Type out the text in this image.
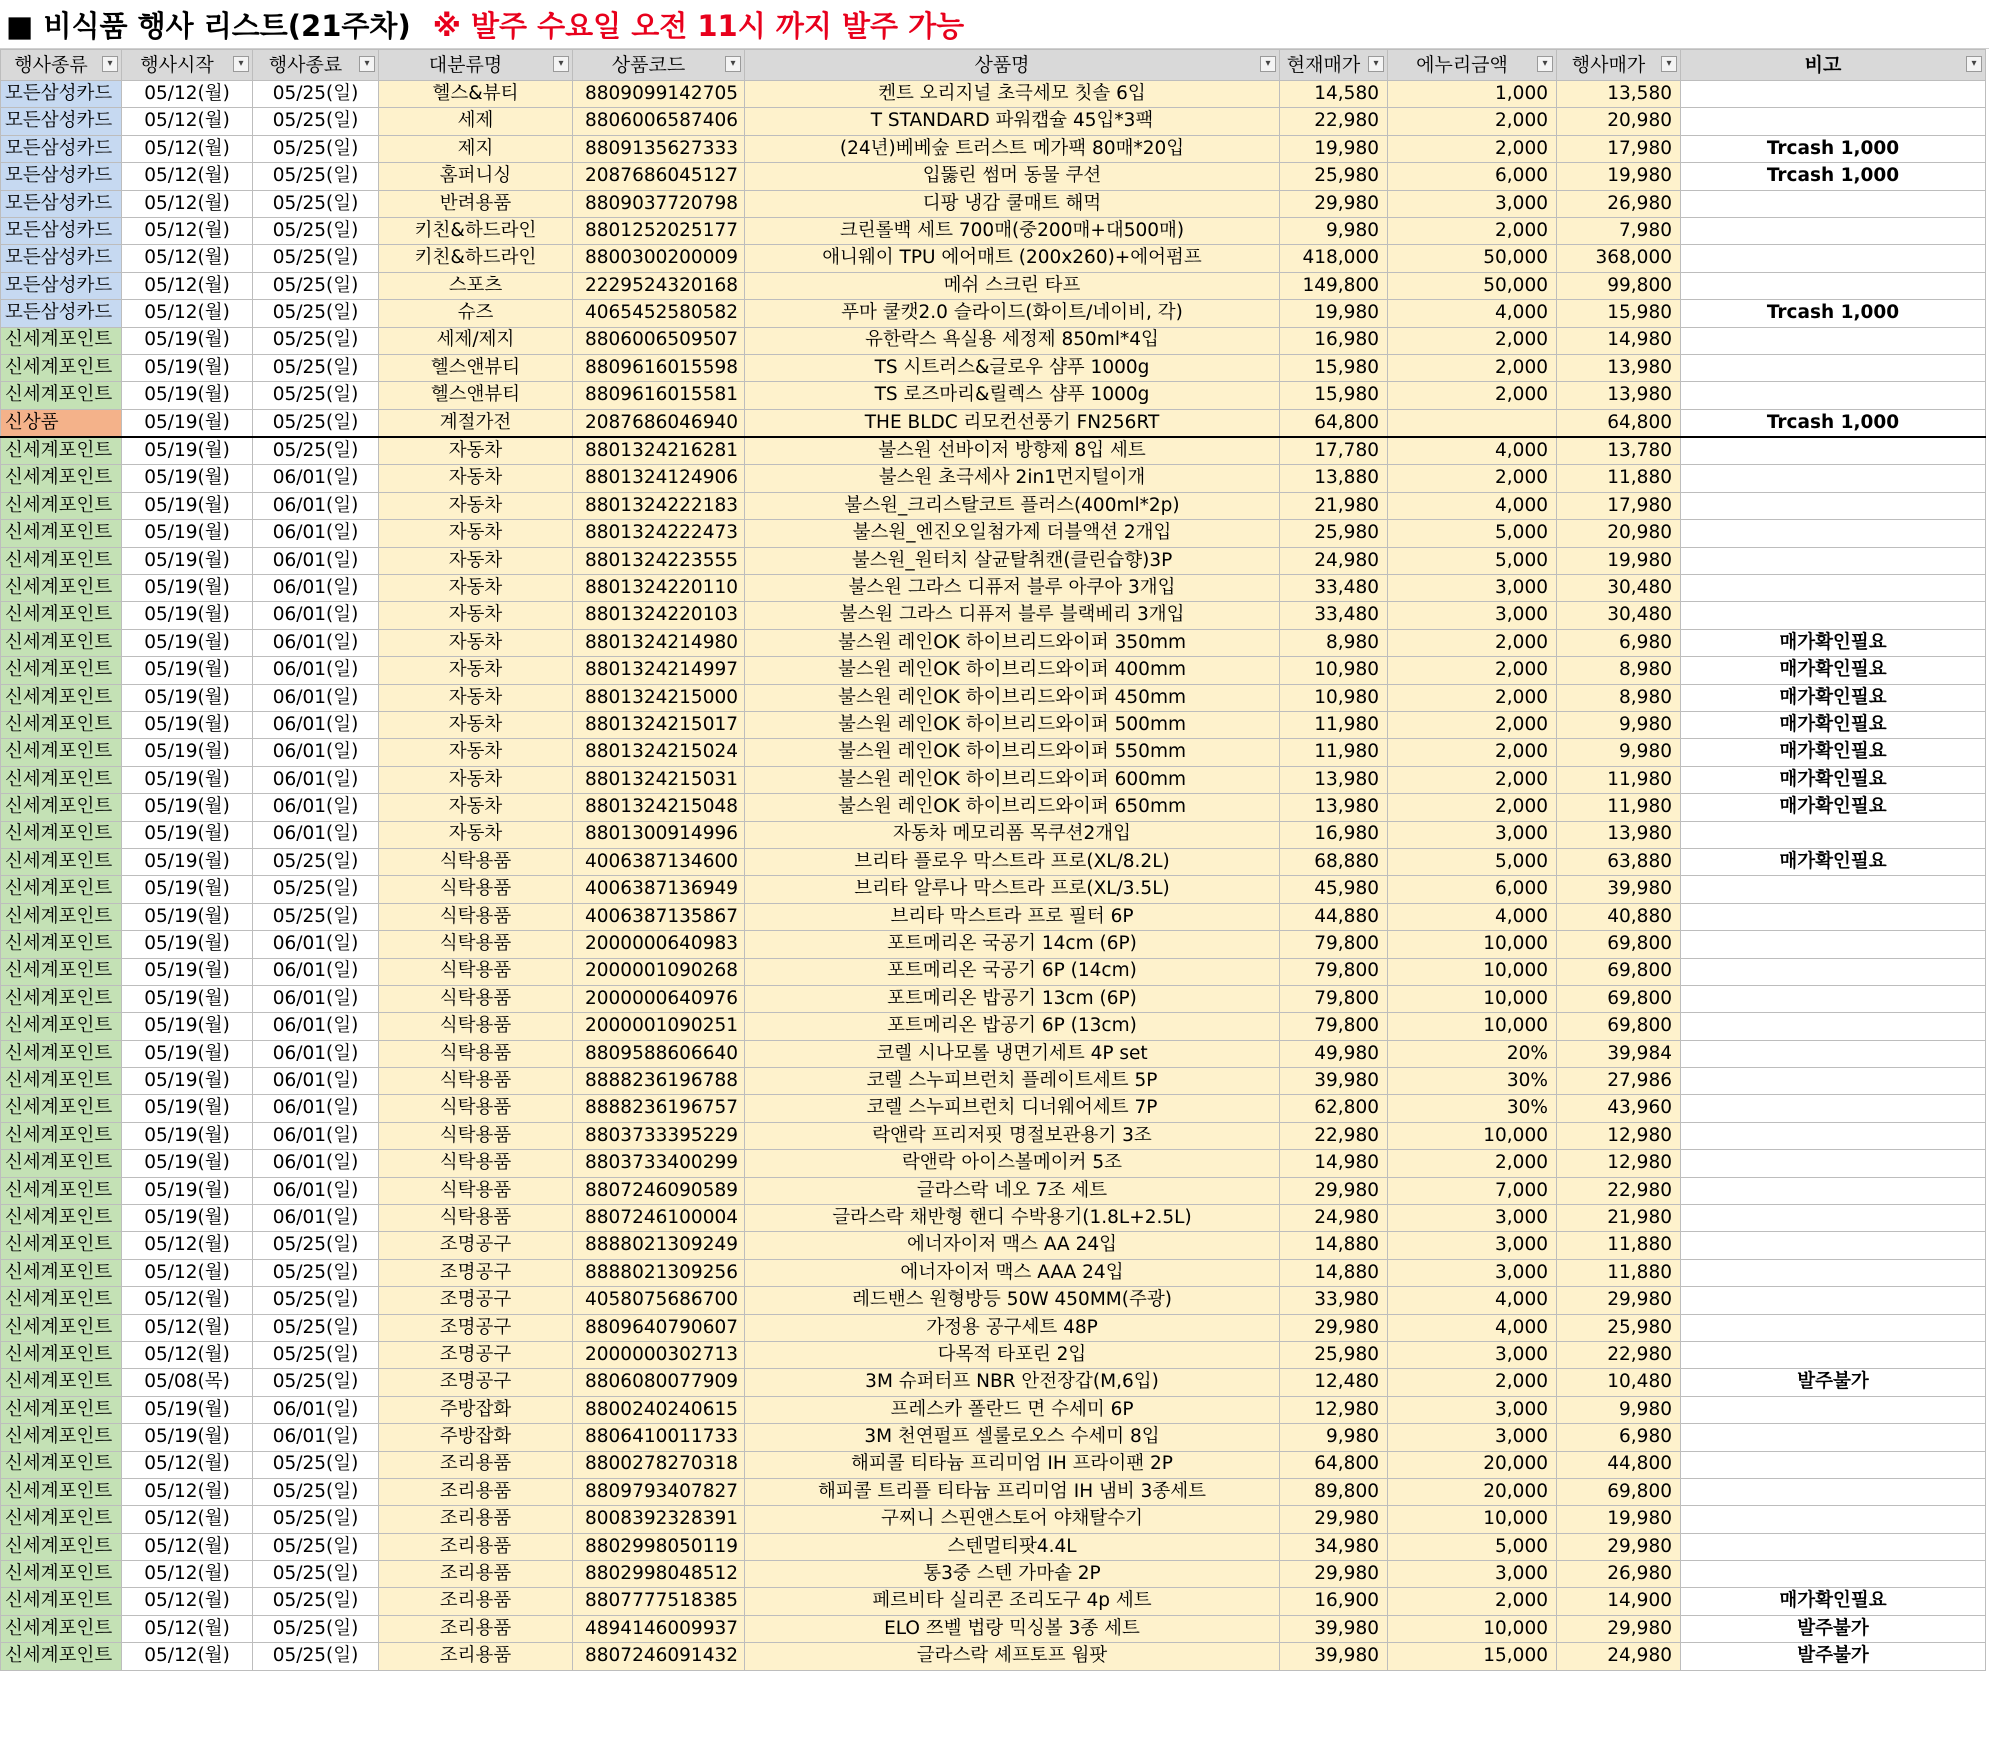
■ 비식품 행사 리스트(21주차) ※ 발주 수요일 오전 11시 까지 발주 가능
행사종류 ▾	행사시작 ▾	행사종료 ▾	대분류명 ▾	상품코드 ▾	상품명 ▾	현재매가 ▾	에누리금액 ▾	행사매가 ▾	비고 ▾

모든삼성카드	05/12(월)	05/25(일)	헬스&뷰티	8809099142705	켄트 오리지널 초극세모 칫솔 6입	14,580	1,000	13,580	
모든삼성카드	05/12(월)	05/25(일)	세제	8806006587406	T STANDARD 파워캡슐 45입*3팩	22,980	2,000	20,980	
모든삼성카드	05/12(월)	05/25(일)	제지	8809135627333	(24년)베베숲 트러스트 메가팩 80매*20입	19,980	2,000	17,980	Trcash 1,000
모든삼성카드	05/12(월)	05/25(일)	홈퍼니싱	2087686045127	입뚫린 썸머 동물 쿠션	25,980	6,000	19,980	Trcash 1,000
모든삼성카드	05/12(월)	05/25(일)	반려용품	8809037720798	디팡 냉감 쿨매트 해먹	29,980	3,000	26,980	
모든삼성카드	05/12(월)	05/25(일)	키친&하드라인	8801252025177	크린롤백 세트 700매(중200매+대500매)	9,980	2,000	7,980	
모든삼성카드	05/12(월)	05/25(일)	키친&하드라인	8800300200009	애니웨이 TPU 에어매트 (200x260)+에어펌프	418,000	50,000	368,000	
모든삼성카드	05/12(월)	05/25(일)	스포츠	2229524320168	메쉬 스크린 타프	149,800	50,000	99,800	
모든삼성카드	05/12(월)	05/25(일)	슈즈	4065452580582	푸마 쿨캣2.0 슬라이드(화이트/네이비, 각)	19,980	4,000	15,980	Trcash 1,000
신세계포인트	05/19(월)	05/25(일)	세제/제지	8806006509507	유한락스 욕실용 세정제 850ml*4입	16,980	2,000	14,980	
신세계포인트	05/19(월)	05/25(일)	헬스앤뷰티	8809616015598	TS 시트러스&글로우 샴푸 1000g	15,980	2,000	13,980	
신세계포인트	05/19(월)	05/25(일)	헬스앤뷰티	8809616015581	TS 로즈마리&릴렉스 샴푸 1000g	15,980	2,000	13,980	
신상품	05/19(월)	05/25(일)	계절가전	2087686046940	THE BLDC 리모컨선풍기 FN256RT	64,800		64,800	Trcash 1,000
신세계포인트	05/19(월)	05/25(일)	자동차	8801324216281	불스원 선바이저 방향제 8입 세트	17,780	4,000	13,780	
신세계포인트	05/19(월)	06/01(일)	자동차	8801324124906	불스원 초극세사 2in1먼지털이개	13,880	2,000	11,880	
신세계포인트	05/19(월)	06/01(일)	자동차	8801324222183	불스원_크리스탈코트 플러스(400ml*2p)	21,980	4,000	17,980	
신세계포인트	05/19(월)	06/01(일)	자동차	8801324222473	불스원_엔진오일첨가제 더블액션 2개입	25,980	5,000	20,980	
신세계포인트	05/19(월)	06/01(일)	자동차	8801324223555	불스원_원터치 살균탈취캔(클린습향)3P	24,980	5,000	19,980	
신세계포인트	05/19(월)	06/01(일)	자동차	8801324220110	불스원 그라스 디퓨저 블루 아쿠아 3개입	33,480	3,000	30,480	
신세계포인트	05/19(월)	06/01(일)	자동차	8801324220103	불스원 그라스 디퓨저 블루 블랙베리 3개입	33,480	3,000	30,480	
신세계포인트	05/19(월)	06/01(일)	자동차	8801324214980	불스원 레인OK 하이브리드와이퍼 350mm	8,980	2,000	6,980	매가확인필요
신세계포인트	05/19(월)	06/01(일)	자동차	8801324214997	불스원 레인OK 하이브리드와이퍼 400mm	10,980	2,000	8,980	매가확인필요
신세계포인트	05/19(월)	06/01(일)	자동차	8801324215000	불스원 레인OK 하이브리드와이퍼 450mm	10,980	2,000	8,980	매가확인필요
신세계포인트	05/19(월)	06/01(일)	자동차	8801324215017	불스원 레인OK 하이브리드와이퍼 500mm	11,980	2,000	9,980	매가확인필요
신세계포인트	05/19(월)	06/01(일)	자동차	8801324215024	불스원 레인OK 하이브리드와이퍼 550mm	11,980	2,000	9,980	매가확인필요
신세계포인트	05/19(월)	06/01(일)	자동차	8801324215031	불스원 레인OK 하이브리드와이퍼 600mm	13,980	2,000	11,980	매가확인필요
신세계포인트	05/19(월)	06/01(일)	자동차	8801324215048	불스원 레인OK 하이브리드와이퍼 650mm	13,980	2,000	11,980	매가확인필요
신세계포인트	05/19(월)	06/01(일)	자동차	8801300914996	자동차 메모리폼 목쿠션2개입	16,980	3,000	13,980	
신세계포인트	05/19(월)	05/25(일)	식탁용품	4006387134600	브리타 플로우 막스트라 프로(XL/8.2L)	68,880	5,000	63,880	매가확인필요
신세계포인트	05/19(월)	05/25(일)	식탁용품	4006387136949	브리타 알루나 막스트라 프로(XL/3.5L)	45,980	6,000	39,980	
신세계포인트	05/19(월)	05/25(일)	식탁용품	4006387135867	브리타 막스트라 프로 필터 6P	44,880	4,000	40,880	
신세계포인트	05/19(월)	06/01(일)	식탁용품	2000000640983	포트메리온 국공기 14cm (6P)	79,800	10,000	69,800	
신세계포인트	05/19(월)	06/01(일)	식탁용품	2000001090268	포트메리온 국공기 6P (14cm)	79,800	10,000	69,800	
신세계포인트	05/19(월)	06/01(일)	식탁용품	2000000640976	포트메리온 밥공기 13cm (6P)	79,800	10,000	69,800	
신세계포인트	05/19(월)	06/01(일)	식탁용품	2000001090251	포트메리온 밥공기 6P (13cm)	79,800	10,000	69,800	
신세계포인트	05/19(월)	06/01(일)	식탁용품	8809588606640	코렐 시나모롤 냉면기세트 4P set	49,980	20%	39,984	
신세계포인트	05/19(월)	06/01(일)	식탁용품	8888236196788	코렐 스누피브런치 플레이트세트 5P	39,980	30%	27,986	
신세계포인트	05/19(월)	06/01(일)	식탁용품	8888236196757	코렐 스누피브런치 디너웨어세트 7P	62,800	30%	43,960	
신세계포인트	05/19(월)	06/01(일)	식탁용품	8803733395229	락앤락 프리저핏 명절보관용기 3조	22,980	10,000	12,980	
신세계포인트	05/19(월)	06/01(일)	식탁용품	8803733400299	락앤락 아이스볼메이커 5조	14,980	2,000	12,980	
신세계포인트	05/19(월)	06/01(일)	식탁용품	8807246090589	글라스락 네오 7조 세트	29,980	7,000	22,980	
신세계포인트	05/19(월)	06/01(일)	식탁용품	8807246100004	글라스락 채반형 핸디 수박용기(1.8L+2.5L)	24,980	3,000	21,980	
신세계포인트	05/12(월)	05/25(일)	조명공구	8888021309249	에너자이저 맥스 AA 24입	14,880	3,000	11,880	
신세계포인트	05/12(월)	05/25(일)	조명공구	8888021309256	에너자이저 맥스 AAA 24입	14,880	3,000	11,880	
신세계포인트	05/12(월)	05/25(일)	조명공구	4058075686700	레드밴스 원형방등 50W 450MM(주광)	33,980	4,000	29,980	
신세계포인트	05/12(월)	05/25(일)	조명공구	8809640790607	가정용 공구세트 48P	29,980	4,000	25,980	
신세계포인트	05/12(월)	05/25(일)	조명공구	2000000302713	다목적 타포린 2입	25,980	3,000	22,980	
신세계포인트	05/08(목)	05/25(일)	조명공구	8806080077909	3M 슈퍼터프 NBR 안전장갑(M,6입)	12,480	2,000	10,480	발주불가
신세계포인트	05/19(월)	06/01(일)	주방잡화	8800240240615	프레스카 폴란드 면 수세미 6P	12,980	3,000	9,980	
신세계포인트	05/19(월)	06/01(일)	주방잡화	8806410011733	3M 천연펄프 셀룰로오스 수세미 8입	9,980	3,000	6,980	
신세계포인트	05/12(월)	05/25(일)	조리용품	8800278270318	해피콜 티타늄 프리미엄 IH 프라이팬 2P	64,800	20,000	44,800	
신세계포인트	05/12(월)	05/25(일)	조리용품	8809793407827	해피콜 트리플 티타늄 프리미엄 IH 냄비 3종세트	89,800	20,000	69,800	
신세계포인트	05/12(월)	05/25(일)	조리용품	8008392328391	구찌니 스핀앤스토어 야채탈수기	29,980	10,000	19,980	
신세계포인트	05/12(월)	05/25(일)	조리용품	8802998050119	스텐멀티팟4.4L	34,980	5,000	29,980	
신세계포인트	05/12(월)	05/25(일)	조리용품	8802998048512	통3중 스텐 가마솥 2P	29,980	3,000	26,980	
신세계포인트	05/12(월)	05/25(일)	조리용품	8807777518385	페르비타 실리콘 조리도구 4p 세트	16,900	2,000	14,900	매가확인필요
신세계포인트	05/12(월)	05/25(일)	조리용품	4894146009937	ELO 쯔벨 법랑 믹싱볼 3종 세트	39,980	10,000	29,980	발주불가
신세계포인트	05/12(월)	05/25(일)	조리용품	8807246091432	글라스락 셰프토프 웜팟	39,980	15,000	24,980	발주불가
